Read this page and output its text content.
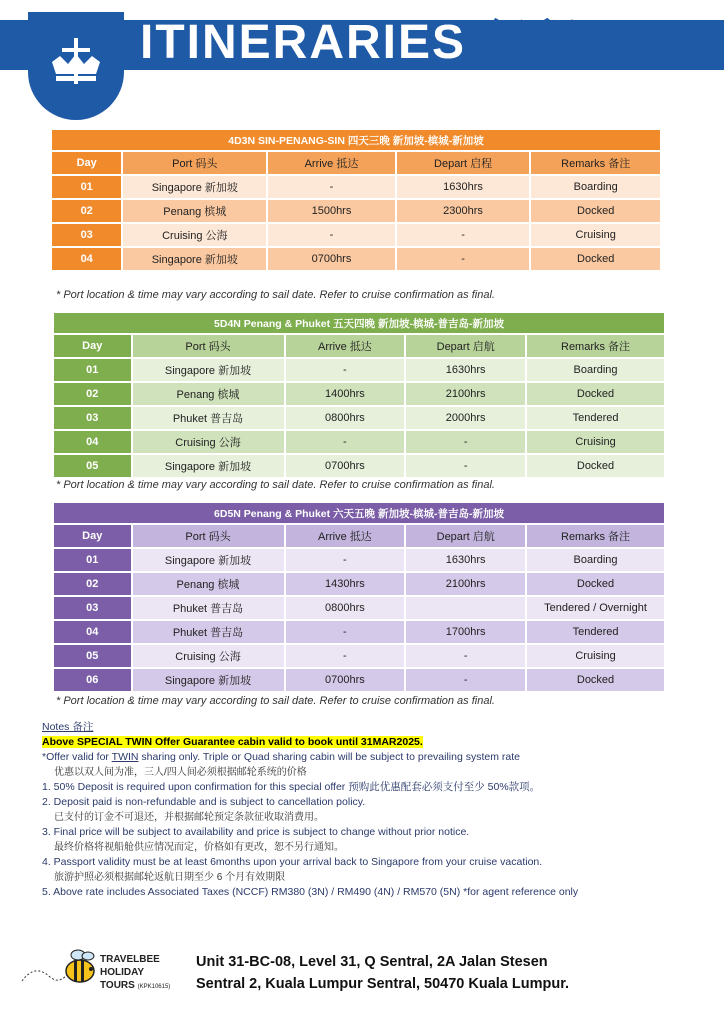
ITINERARIES 行程
4D3N SIN-PENANG-SIN 四天三晚 新加坡-槟城-新加坡				
Day	Port 码头	Arrive 抵达	Depart 启程	Remarks 备注
01	Singapore 新加坡	-	1630hrs	Boarding
02	Penang 槟城	1500hrs	2300hrs	Docked
03	Cruising 公海	-	-	Cruising
04	Singapore 新加坡	0700hrs	-	Docked
* Port location & time may vary according to sail date. Refer to cruise confirmation as final.
5D4N Penang & Phuket 五天四晚 新加坡-槟城-普吉岛-新加坡				
Day	Port 码头	Arrive 抵达	Depart 启航	Remarks 备注
01	Singapore 新加坡	-	1630hrs	Boarding
02	Penang 槟城	1400hrs	2100hrs	Docked
03	Phuket 普吉岛	0800hrs	2000hrs	Tendered
04	Cruising 公海	-	-	Cruising
05	Singapore 新加坡	0700hrs	-	Docked
* Port location & time may vary according to sail date. Refer to cruise confirmation as final.
6D5N Penang & Phuket 六天五晚 新加坡-槟城-普吉岛-新加坡				
Day	Port 码头	Arrive 抵达	Depart 启航	Remarks 备注
01	Singapore 新加坡	-	1630hrs	Boarding
02	Penang 槟城	1430hrs	2100hrs	Docked
03	Phuket 普吉岛	0800hrs		Tendered / Overnight
04	Phuket 普吉岛	-	1700hrs	Tendered
05	Cruising 公海	-	-	Cruising
06	Singapore 新加坡	0700hrs	-	Docked
* Port location & time may vary according to sail date. Refer to cruise confirmation as final.
Notes 备注
Above SPECIAL TWIN Offer Guarantee cabin valid to book until 31MAR2025.
*Offer valid for TWIN sharing only. Triple or Quad sharing cabin will be subject to prevailing system rate
优惠以双人间为准，三人/四人间必须根据邮轮系统的价格
1. 50% Deposit is required upon confirmation for this special offer 预购此优惠配套必须支付至少 50%款项。
2. Deposit paid is non-refundable and is subject to cancellation policy.
已支付的订金不可退还，并根据邮轮预定条款征收取消费用。
3. Final price will be subject to availability and price is subject to change without prior notice.
最终价格将视船舱供应情况而定，价格如有更改，恕不另行通知。
4. Passport validity must be at least 6months upon your arrival back to Singapore from your cruise vacation.
旅游护照必须根据邮轮返航日期至少 6 个月有效期限
5. Above rate includes Associated Taxes (NCCF) RM380 (3N) / RM490 (4N) / RM570 (5N) *for agent reference only
TRAVELBEE
HOLIDAY
TOURS (KPK10615)
Unit 31-BC-08, Level 31, Q Sentral, 2A Jalan Stesen
Sentral 2, Kuala Lumpur Sentral, 50470 Kuala Lumpur.
